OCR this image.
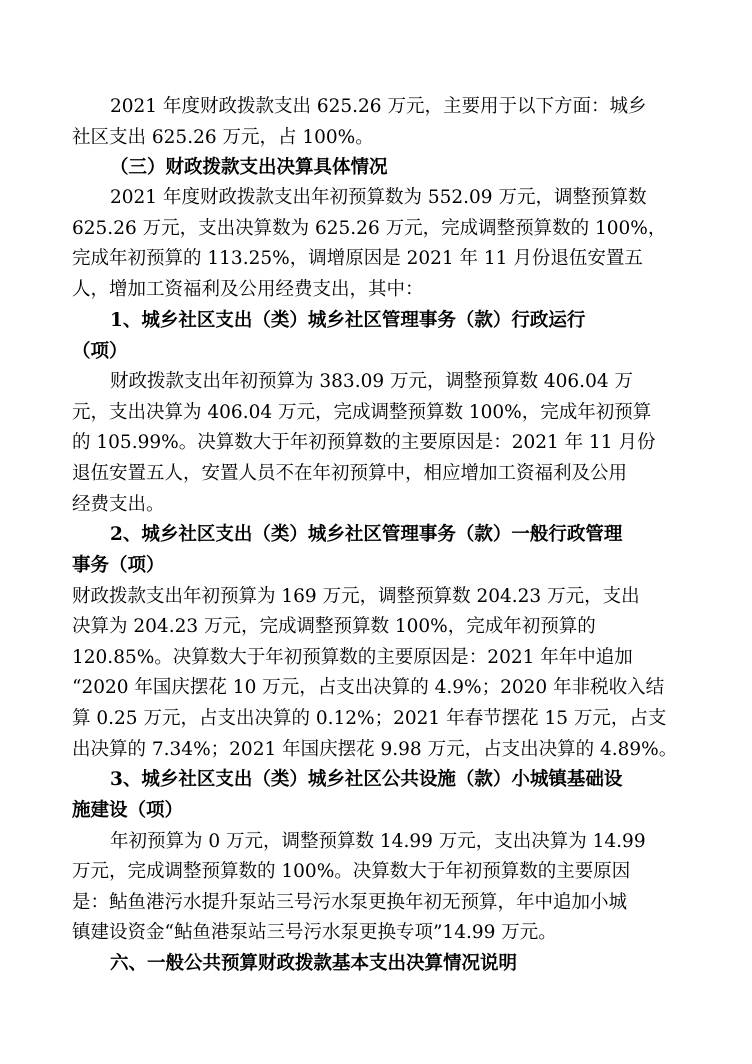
2021 年度财政拨款支出 625.26 万元，主要用于以下方面：城乡
社区支出 625.26 万元，占 100%。
（三）财政拨款支出决算具体情况
2021 年度财政拨款支出年初预算数为 552.09 万元，调整预算数
625.26 万元，支出决算数为 625.26 万元，完成调整预算数的 100%，
完成年初预算的 113.25%，调增原因是 2021 年 11 月份退伍安置五
人，增加工资福利及公用经费支出，其中：
1、城乡社区支出（类）城乡社区管理事务（款）行政运行
（项）
财政拨款支出年初预算为 383.09 万元，调整预算数 406.04 万
元，支出决算为 406.04 万元，完成调整预算数 100%，完成年初预算
的 105.99%。决算数大于年初预算数的主要原因是：2021 年 11 月份
退伍安置五人，安置人员不在年初预算中，相应增加工资福利及公用
经费支出。
2、城乡社区支出（类）城乡社区管理事务（款）一般行政管理
事务（项）
财政拨款支出年初预算为 169 万元，调整预算数 204.23 万元，支出
决算为 204.23 万元，完成调整预算数 100%，完成年初预算的
120.85%。决算数大于年初预算数的主要原因是：2021 年年中追加
“2020 年国庆摆花 10 万元，占支出决算的 4.9%；2020 年非税收入结
算 0.25 万元，占支出决算的 0.12%；2021 年春节摆花 15 万元，占支
出决算的 7.34%；2021 年国庆摆花 9.98 万元，占支出决算的 4.89%。
3、城乡社区支出（类）城乡社区公共设施（款）小城镇基础设
施建设（项）
年初预算为 0 万元，调整预算数 14.99 万元，支出决算为 14.99
万元，完成调整预算数的 100%。决算数大于年初预算数的主要原因
是：鲇鱼港污水提升泵站三号污水泵更换年初无预算，年中追加小城
镇建设资金“鲇鱼港泵站三号污水泵更换专项”14.99 万元。
六、一般公共预算财政拨款基本支出决算情况说明
